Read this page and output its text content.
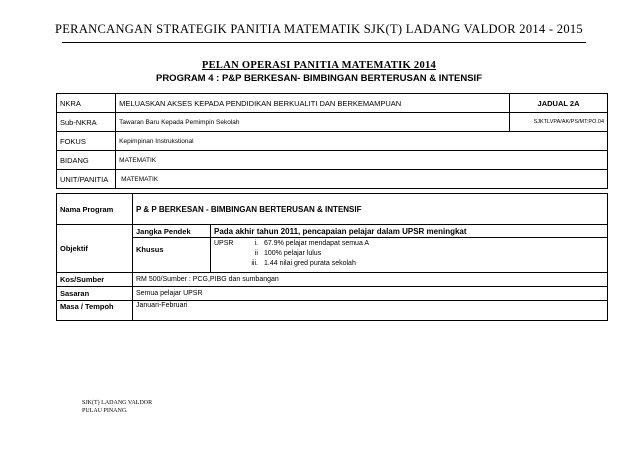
PERANCANGAN STRATEGIK PANITIA MATEMATIK SJK(T) LADANG VALDOR 2014 - 2015
PELAN OPERASI PANITIA MATEMATIK 2014
PROGRAM 4 : P&P BERKESAN- BIMBINGAN BERTERUSAN & INTENSIF
NKRA	MELUASKAN AKSES KEPADA PENDIDIKAN BERKUALITI DAN BERKEMAMPUAN	JADUAL 2A
Sub-NKRA	Tawaran Baru Kepada Pemimpin Sekolah	SJKTLVPA/AK/PS/MT:PO.04
FOKUS	Kepimpinan Instrukstional	
BIDANG	MATEMATIK	
UNIT/PANITIA	MATEMATIK	
Nama Program	P & P BERKESAN - BIMBINGAN BERTERUSAN & INTENSIF	
Objektif	Jangka Pendek	Pada akhir tahun 2011, pencapaian pelajar dalam UPSR meningkat

	Khusus	UPSR i. 67.9% pelajar mendapat semua A
ii 100% pelajar lulus
iii. 1.44 nilai gred purata sekolah

Kos/Sumber	RM 500/Sumber : PCG,PIBG dan sumbangan	
Sasaran	Semua pelajar UPSR	
Masa / Tempoh	Januari-Februari	
SJK(T) LADANG VALDOR
PULAU PINANG.
